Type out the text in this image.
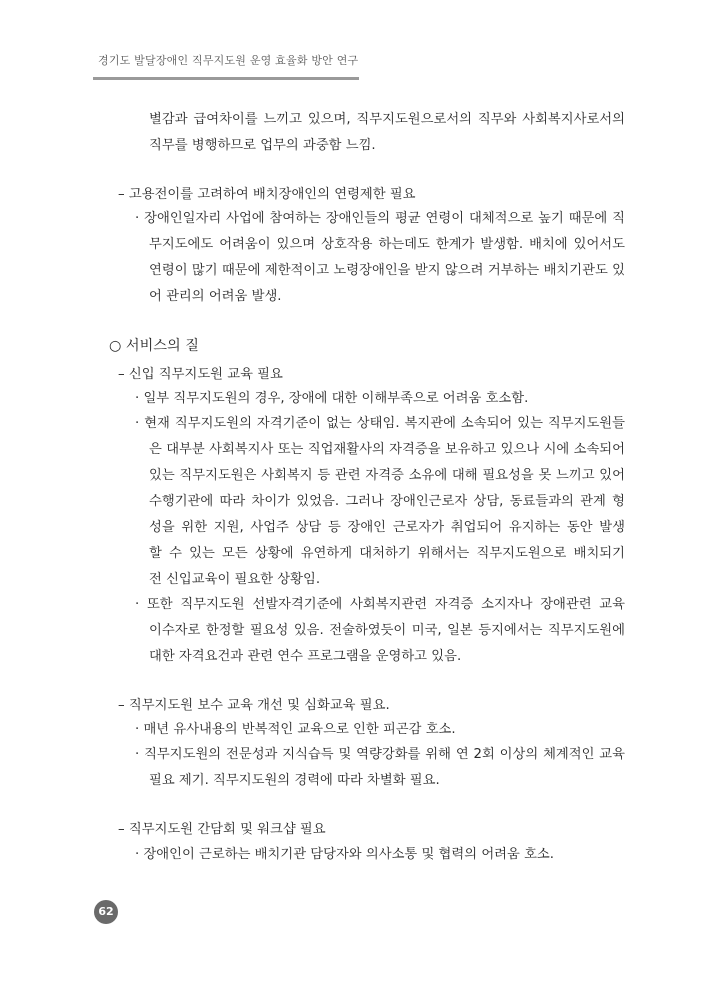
경기도 발달장애인 직무지도원 운영 효율화 방안 연구
별감과 급여차이를 느끼고 있으며, 직무지도원으로서의 직무와 사회복지사로서의
직무를 병행하므로 업무의 과중함 느낌.
– 고용전이를 고려하여 배치장애인의 연령제한 필요
· 장애인일자리 사업에 참여하는 장애인들의 평균 연령이 대체적으로 높기 때문에 직
무지도에도 어려움이 있으며 상호작용 하는데도 한계가 발생함. 배치에 있어서도
연령이 많기 때문에 제한적이고 노령장애인을 받지 않으려 거부하는 배치기관도 있
어 관리의 어려움 발생.
○ 서비스의 질
– 신입 직무지도원 교육 필요
· 일부 직무지도원의 경우, 장애에 대한 이해부족으로 어려움 호소함.
· 현재 직무지도원의 자격기준이 없는 상태임. 복지관에 소속되어 있는 직무지도원들
은 대부분 사회복지사 또는 직업재활사의 자격증을 보유하고 있으나 시에 소속되어
있는 직무지도원은 사회복지 등 관련 자격증 소유에 대해 필요성을 못 느끼고 있어
수행기관에 따라 차이가 있었음. 그러나 장애인근로자 상담, 동료들과의 관계 형
성을 위한 지원, 사업주 상담 등 장애인 근로자가 취업되어 유지하는 동안 발생
할 수 있는 모든 상황에 유연하게 대처하기 위해서는 직무지도원으로 배치되기
전 신입교육이 필요한 상황임.
· 또한 직무지도원 선발자격기준에 사회복지관련 자격증 소지자나 장애관련 교육
이수자로 한정할 필요성 있음. 전술하였듯이 미국, 일본 등지에서는 직무지도원에
대한 자격요건과 관련 연수 프로그램을 운영하고 있음.
– 직무지도원 보수 교육 개선 및 심화교육 필요.
· 매년 유사내용의 반복적인 교육으로 인한 피곤감 호소.
· 직무지도원의 전문성과 지식습득 및 역량강화를 위해 연 2회 이상의 체계적인 교육
필요 제기. 직무지도원의 경력에 따라 차별화 필요.
– 직무지도원 간담회 및 워크샵 필요
· 장애인이 근로하는 배치기관 담당자와 의사소통 및 협력의 어려움 호소.
62
